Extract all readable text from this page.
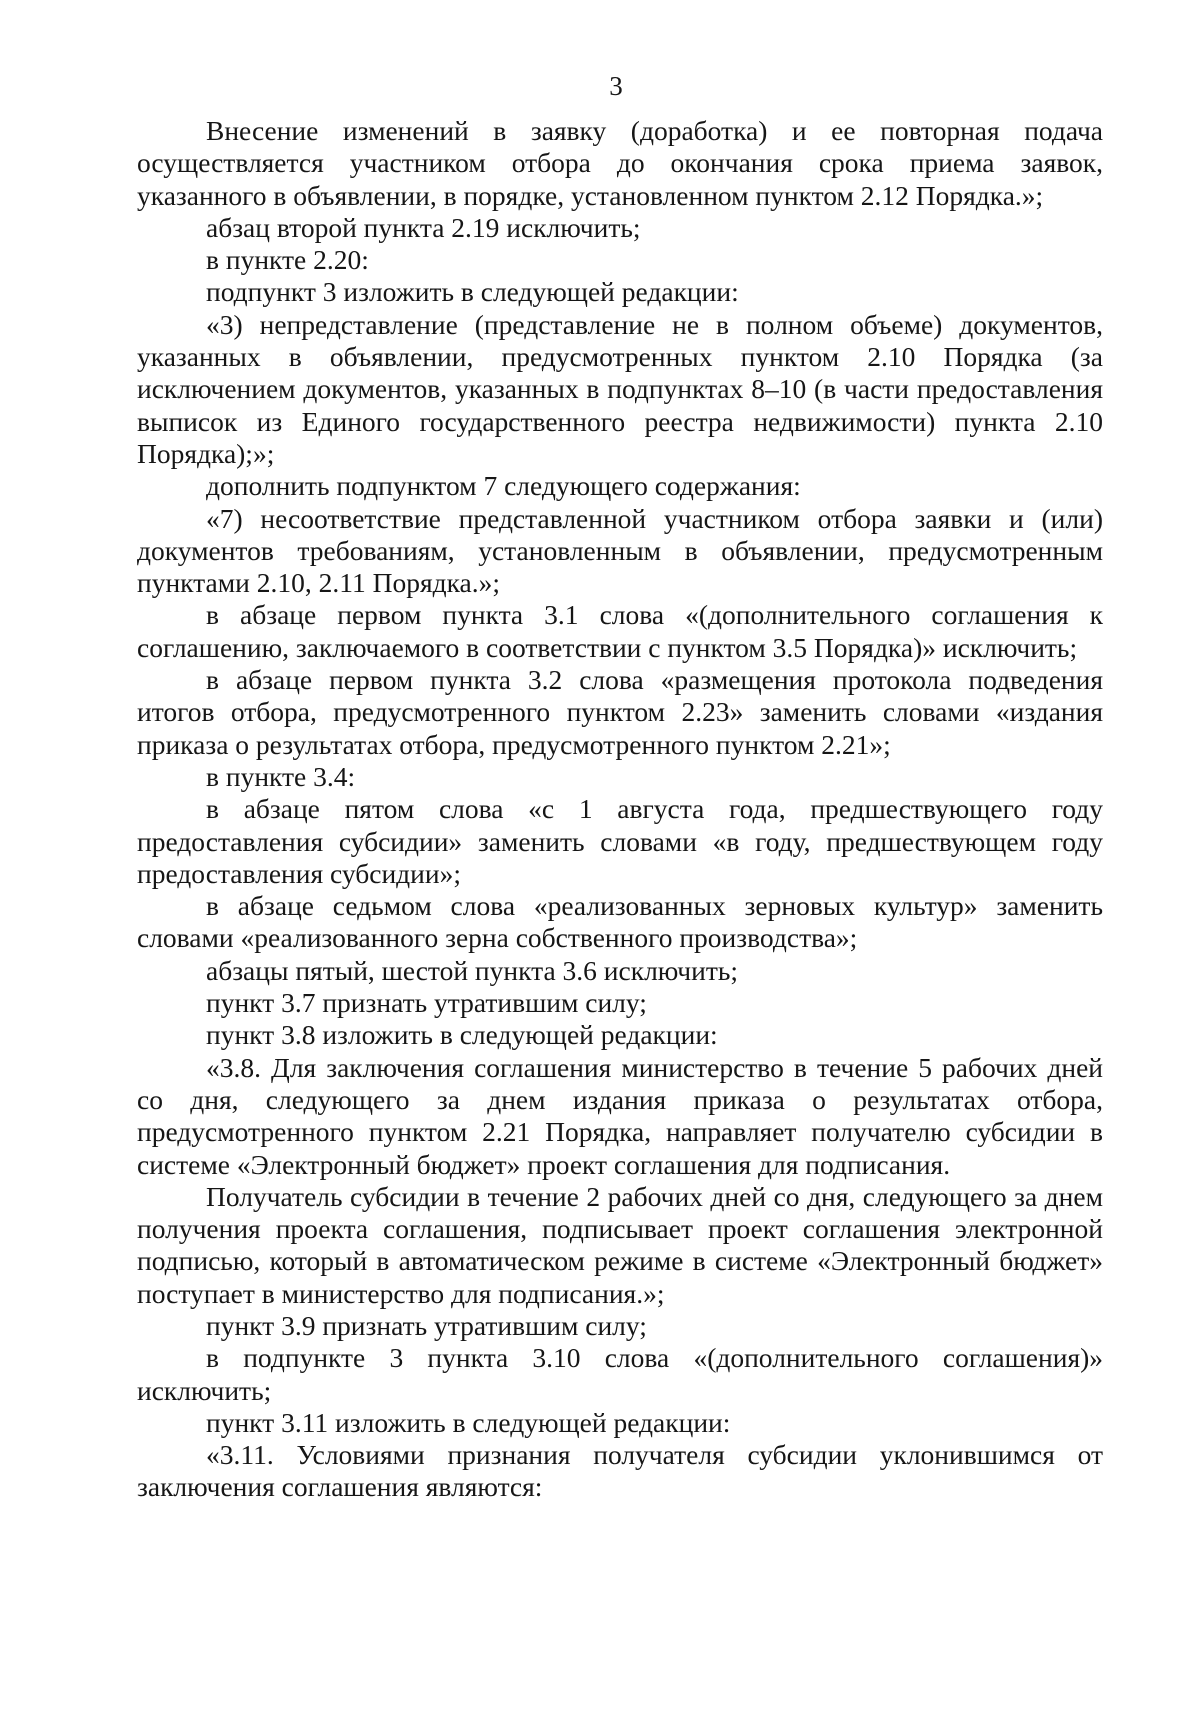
3

Внесение изменений в заявку (доработка) и ее повторная подача осуществляется участником отбора до окончания срока приема заявок, указанного в объявлении, в порядке, установленном пунктом 2.12 Порядка.»;

абзац второй пункта 2.19 исключить;

в пункте 2.20:

подпункт 3 изложить в следующей редакции:

«3) непредставление (представление не в полном объеме) документов, указанных в объявлении, предусмотренных пунктом 2.10 Порядка (за исключением документов, указанных в подпунктах 8–10 (в части предоставления выписок из Единого государственного реестра недвижимости) пункта 2.10 Порядка);»;

дополнить подпунктом 7 следующего содержания:

«7) несоответствие представленной участником отбора заявки и (или) документов требованиям, установленным в объявлении, предусмотренным пунктами 2.10, 2.11 Порядка.»;

в абзаце первом пункта 3.1 слова «(дополнительного соглашения к соглашению, заключаемого в соответствии с пунктом 3.5 Порядка)» исключить;

в абзаце первом пункта 3.2 слова «размещения протокола подведения итогов отбора, предусмотренного пунктом 2.23» заменить словами «издания приказа о результатах отбора, предусмотренного пунктом 2.21»;

в пункте 3.4:

в абзаце пятом слова «с 1 августа года, предшествующего году предоставления субсидии» заменить словами «в году, предшествующем году предоставления субсидии»;

в абзаце седьмом слова «реализованных зерновых культур» заменить словами «реализованного зерна собственного производства»;

абзацы пятый, шестой пункта 3.6 исключить;

пункт 3.7 признать утратившим силу;

пункт 3.8 изложить в следующей редакции:

«3.8. Для заключения соглашения министерство в течение 5 рабочих дней со дня, следующего за днем издания приказа о результатах отбора, предусмотренного пунктом 2.21 Порядка, направляет получателю субсидии в системе «Электронный бюджет» проект соглашения для подписания.

Получатель субсидии в течение 2 рабочих дней со дня, следующего за днем получения проекта соглашения, подписывает проект соглашения электронной подписью, который в автоматическом режиме в системе «Электронный бюджет» поступает в министерство для подписания.»;

пункт 3.9 признать утратившим силу;

в подпункте 3 пункта 3.10 слова «(дополнительного соглашения)» исключить;

пункт 3.11 изложить в следующей редакции:

«3.11. Условиями признания получателя субсидии уклонившимся от заключения соглашения являются:
